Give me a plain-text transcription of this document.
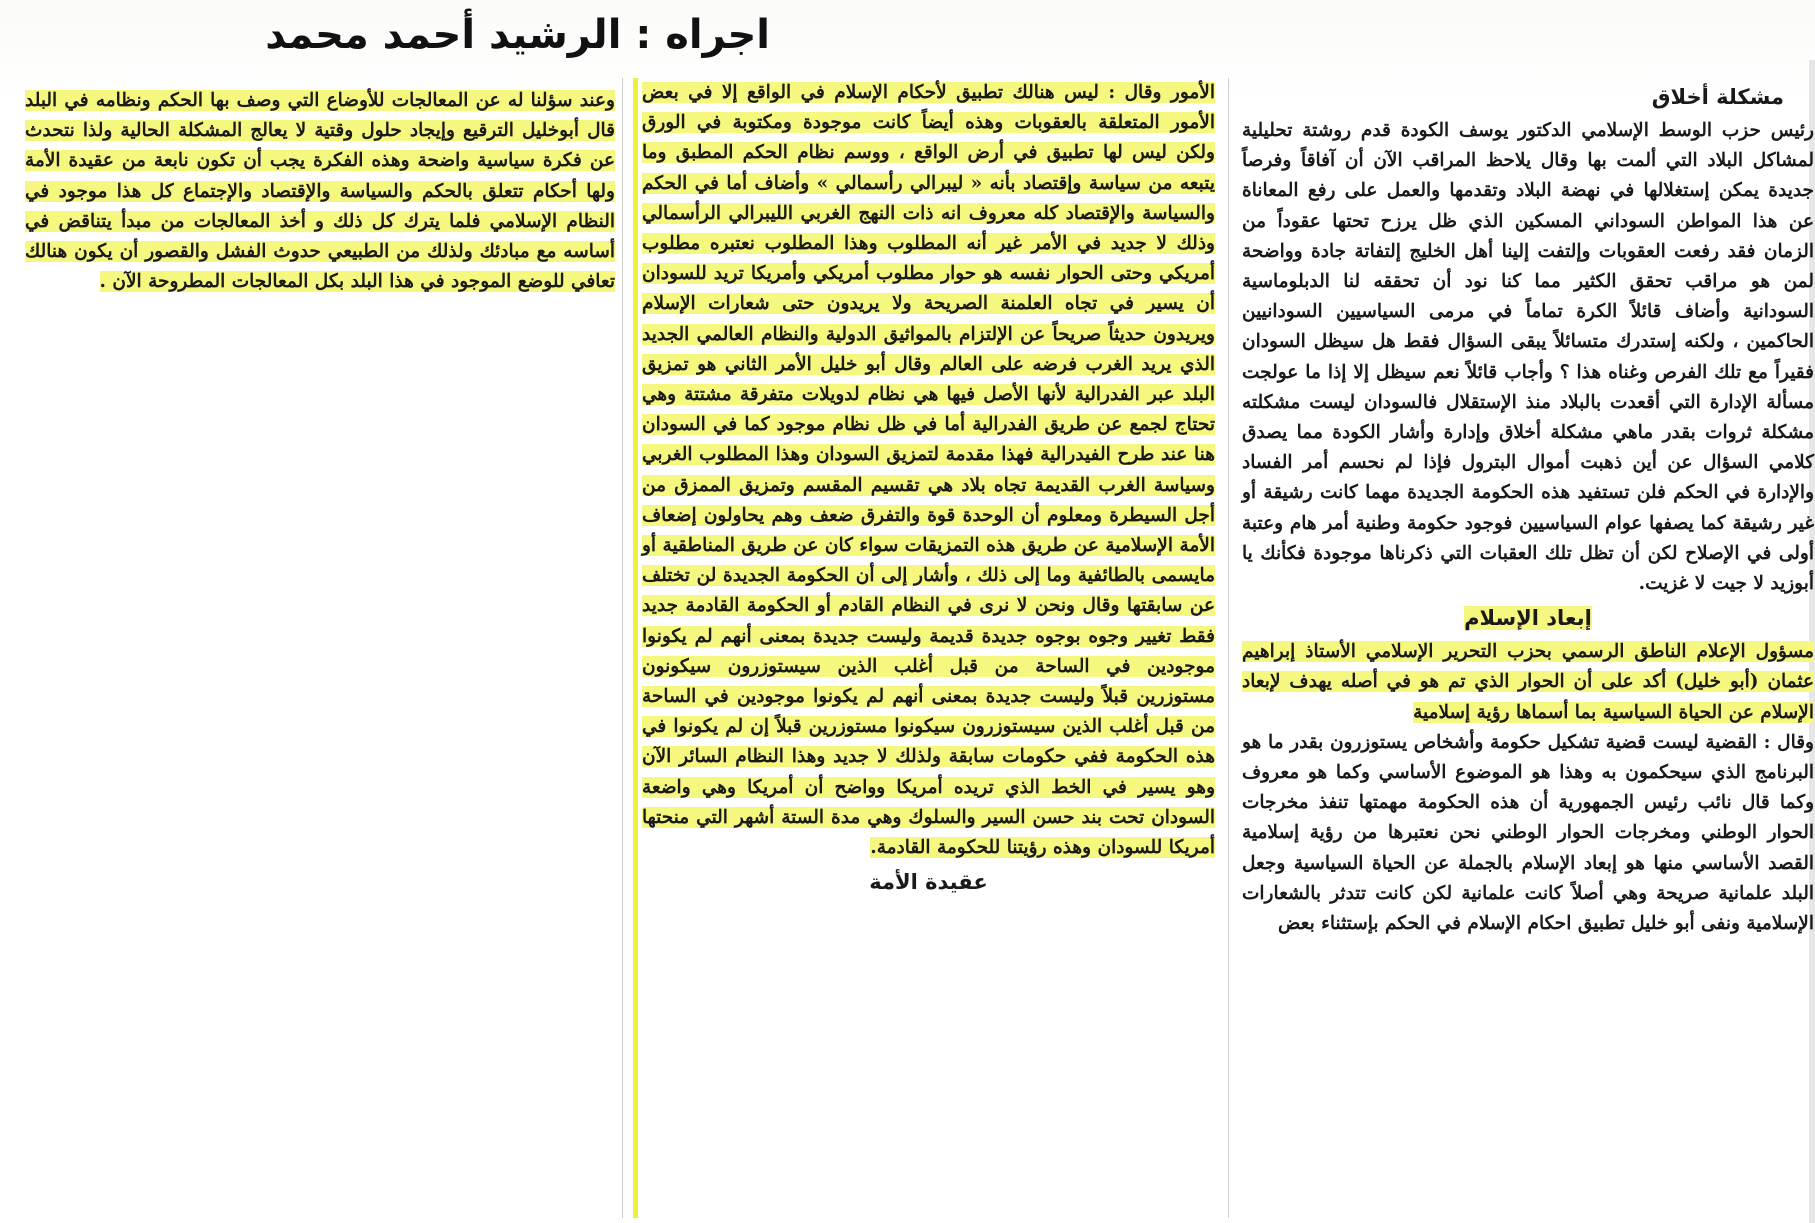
اجراه : الرشيد أحمد محمد
مشكلة أخلاق

رئيس حزب الوسط الإسلامي الدكتور يوسف الكودة قدم روشتة تحليلية لمشاكل البلاد التي ألمت بها وقال يلاحظ المراقب الآن أن آفاقاً وفرصاً جديدة يمكن إستغلالها في نهضة البلاد وتقدمها والعمل على رفع المعاناة عن هذا المواطن السوداني المسكين الذي ظل يرزح تحتها عقوداً من الزمان فقد رفعت العقوبات وإلتفت إلينا أهل الخليج إلتفاتة جادة وواضحة لمن هو مراقب تحقق الكثير مما كنا نود أن تحققه لنا الدبلوماسية السودانية وأضاف قائلاً الكرة تماماً في مرمى السياسيين السودانيين الحاكمين ، ولكنه إستدرك متسائلاً يبقى السؤال فقط هل سيظل السودان فقيراً مع تلك الفرص وغناه هذا ؟ وأجاب قائلاً نعم سيظل إلا إذا ما عولجت مسألة الإدارة التي أقعدت بالبلاد منذ الإستقلال فالسودان ليست مشكلته مشكلة ثروات بقدر ماهي مشكلة أخلاق وإدارة وأشار الكودة مما يصدق كلامي السؤال عن أين ذهبت أموال البترول فإذا لم نحسم أمر الفساد والإدارة في الحكم فلن تستفيد هذه الحكومة الجديدة مهما كانت رشيقة أو غير رشيقة كما يصفها عوام السياسيين فوجود حكومة وطنية أمر هام وعتبة أولى في الإصلاح لكن أن تظل تلك العقبات التي ذكرناها موجودة فكأنك يا أبوزيد لا جيت لا غزيت.

إبعاد الإسلام

مسؤول الإعلام الناطق الرسمي بحزب التحرير الإسلامي الأستاذ إبراهيم عثمان (أبو خليل) أكد على أن الحوار الذي تم هو في أصله يهدف لإبعاد الإسلام عن الحياة السياسية بما أسماها رؤية إسلامية

وقال : القضية ليست قضية تشكيل حكومة وأشخاص يستوزرون بقدر ما هو البرنامج الذي سيحكمون به وهذا هو الموضوع الأساسي وكما هو معروف وكما قال نائب رئيس الجمهورية أن هذه الحكومة مهمتها تنفذ مخرجات الحوار الوطني ومخرجات الحوار الوطني نحن نعتبرها من رؤية إسلامية القصد الأساسي منها هو إبعاد الإسلام بالجملة عن الحياة السياسية وجعل البلد علمانية صريحة وهي أصلاً كانت علمانية لكن كانت تتدثر بالشعارات الإسلامية ونفى أبو خليل تطبيق احكام الإسلام في الحكم بإستثناء بعض

الأمور وقال : ليس هنالك تطبيق لأحكام الإسلام في الواقع إلا في بعض الأمور المتعلقة بالعقوبات وهذه أيضاً كانت موجودة ومكتوبة في الورق ولكن ليس لها تطبيق في أرض الواقع ، ووسم نظام الحكم المطبق وما يتبعه من سياسة وإقتصاد بأنه « ليبرالي رأسمالي » وأضاف أما في الحكم والسياسة والإقتصاد كله معروف انه ذات النهج الغربي الليبرالي الرأسمالي وذلك لا جديد في الأمر غير أنه المطلوب وهذا المطلوب نعتبره مطلوب أمريكي وحتى الحوار نفسه هو حوار مطلوب أمريكي وأمريكا تريد للسودان أن يسير في تجاه العلمنة الصريحة ولا يريدون حتى شعارات الإسلام ويريدون حديثاً صريحاً عن الإلتزام بالمواثيق الدولية والنظام العالمي الجديد الذي يريد الغرب فرضه على العالم وقال أبو خليل الأمر الثاني هو تمزيق البلد عبر الفدرالية لأنها الأصل فيها هي نظام لدويلات متفرقة مشتتة وهي تحتاج لجمع عن طريق الفدرالية أما في ظل نظام موجود كما في السودان هنا عند طرح الفيدرالية فهذا مقدمة لتمزيق السودان وهذا المطلوب الغربي وسياسة الغرب القديمة تجاه بلاد هي تقسيم المقسم وتمزيق الممزق من أجل السيطرة ومعلوم أن الوحدة قوة والتفرق ضعف وهم يحاولون إضعاف الأمة الإسلامية عن طريق هذه التمزيقات سواء كان عن طريق المناطقية أو مايسمى بالطائفية وما إلى ذلك ، وأشار إلى أن الحكومة الجديدة لن تختلف عن سابقتها وقال ونحن لا نرى في النظام القادم أو الحكومة القادمة جديد فقط تغيير وجوه بوجوه جديدة قديمة وليست جديدة بمعنى أنهم لم يكونوا موجودين في الساحة من قبل أغلب الذين سيستوزرون سيكونون مستوزرين قبلاً وليست جديدة بمعنى أنهم لم يكونوا موجودين في الساحة من قبل أغلب الذين سيستوزرون سيكونوا مستوزرين قبلاً إن لم يكونوا في هذه الحكومة ففي حكومات سابقة ولذلك لا جديد وهذا النظام السائر الآن وهو يسير في الخط الذي تريده أمريكا وواضح أن أمريكا وهي واضعة السودان تحت بند حسن السير والسلوك وهي مدة الستة أشهر التي منحتها أمريكا للسودان وهذه رؤيتنا للحكومة القادمة.

عقيدة الأمة

وعند سؤلنا له عن المعالجات للأوضاع التي وصف بها الحكم ونظامه في البلد قال أبوخليل الترقيع وإيجاد حلول وقتية لا يعالج المشكلة الحالية ولذا نتحدث عن فكرة سياسية واضحة وهذه الفكرة يجب أن تكون نابعة من عقيدة الأمة ولها أحكام تتعلق بالحكم والسياسة والإقتصاد والإجتماع كل هذا موجود في النظام الإسلامي فلما يترك كل ذلك و أخذ المعالجات من مبدأ يتناقض في أساسه مع مبادئك ولذلك من الطبيعي حدوث الفشل والقصور أن يكون هنالك تعافي للوضع الموجود في هذا البلد بكل المعالجات المطروحة الآن .
